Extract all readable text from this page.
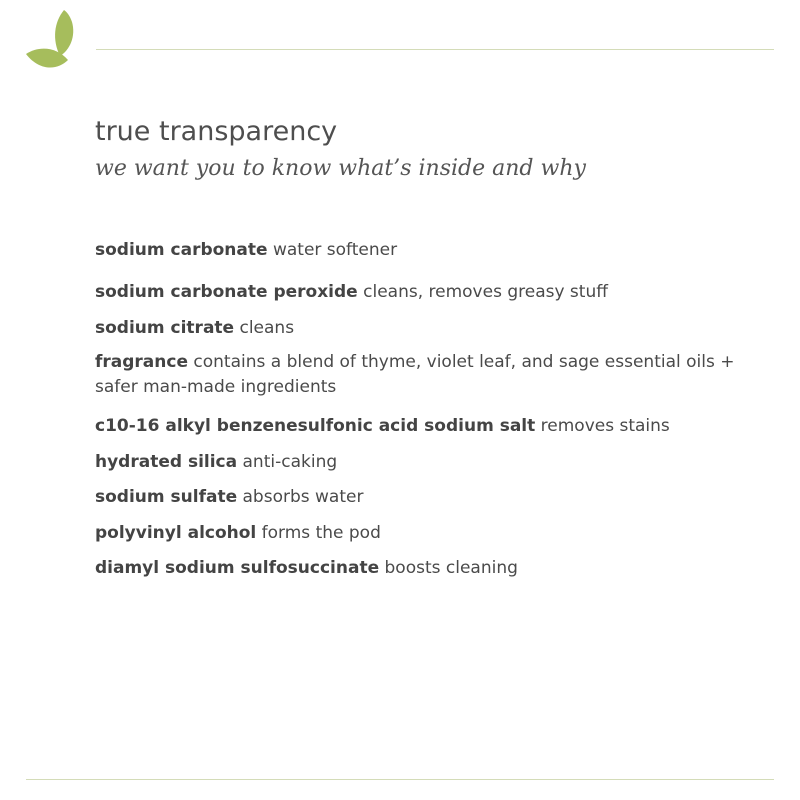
true transparency

we want you to know what’s inside and why

sodium carbonate water softener
sodium carbonate peroxide cleans, removes greasy stuff
sodium citrate cleans
fragrance contains a blend of thyme, violet leaf, and sage essential oils + safer man-made ingredients
c10-16 alkyl benzenesulfonic acid sodium salt removes stains
hydrated silica anti-caking
sodium sulfate absorbs water
polyvinyl alcohol forms the pod
diamyl sodium sulfosuccinate boosts cleaning
